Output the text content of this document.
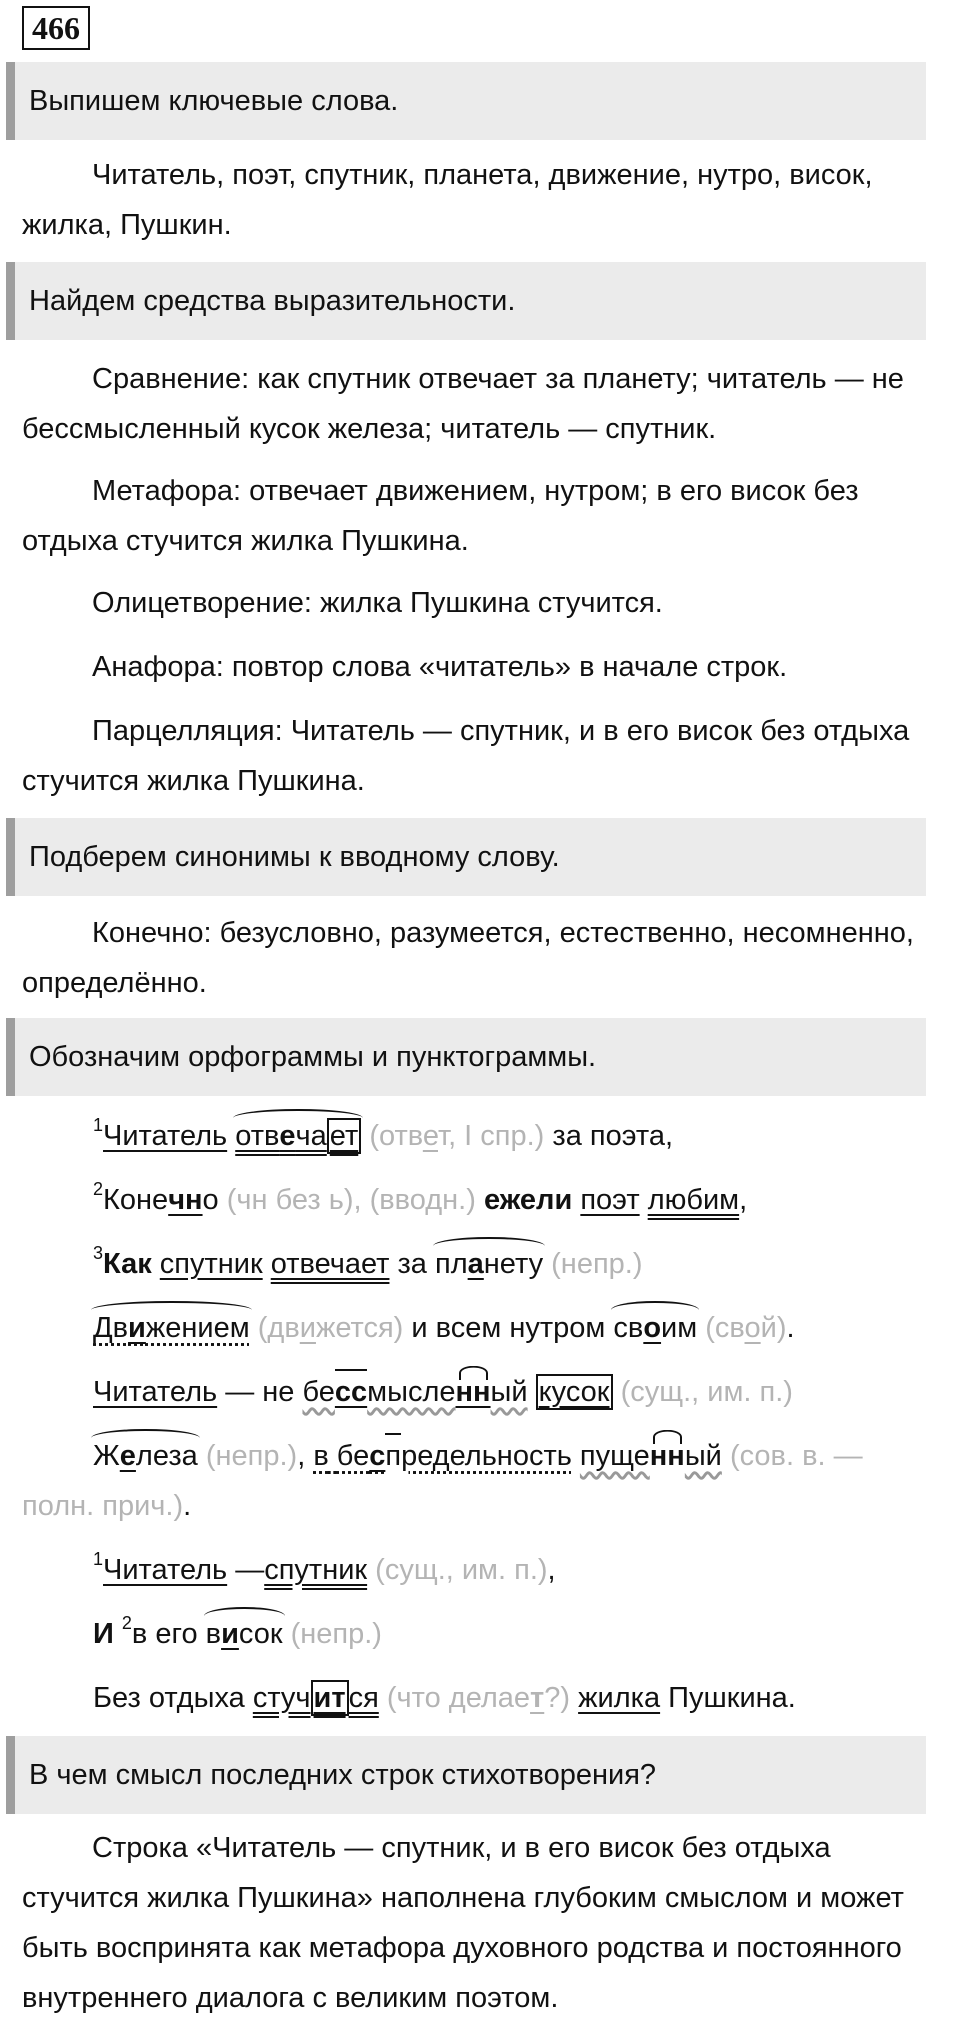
466
Выпишем ключевые слова.

Читатель, поэт, спутник, планета, движение, нутро, висок, жилка, Пушкин.

Найдем средства выразительности.

Сравнение: как спутник отвечает за планету; читатель — не бессмысленный кусок железа; читатель — спутник.

Метафора: отвечает движением, нутром; в его висок без отдыха стучится жилка Пушкина.

Олицетворение: жилка Пушкина стучится.

Анафора: повтор слова «читатель» в начале строк.

Парцелляция: Читатель — спутник, и в его висок без отдыха стучится жилка Пушкина.

Подберем синонимы к вводному слову.

Конечно: безусловно, разумеется, естественно, несомненно, определённо.

Обозначим орфограммы и пунктограммы.
$^1$Читатель отвеча ет (ответ, I спр.) за поэта,
$^2$Конечно (чн без ь), (вводн.) ежели поэт любим,
$^3$Как спутник отвечает за планету (непр.)
Движением (движется) и всем нутром своим (свой).
Читатель — не бессмысленный кусок (сущ., им. п.)
Железа (непр.), в беспредельность пущенный (сов. в. —
полн. прич.).
$^1$Читатель —спутник (сущ., им. п.),
И $^2$в его висок (непр.)
Без отдыха стуч ит ся (что делает?) жилка Пушкина.
В чем смысл последних строк стихотворения?

Строка «Читатель — спутник, и в его висок без отдыха стучится жилка Пушкина» наполнена глубоким смыслом и может быть воспринята как метафора духовного родства и постоянного внутреннего диалога с великим поэтом.
